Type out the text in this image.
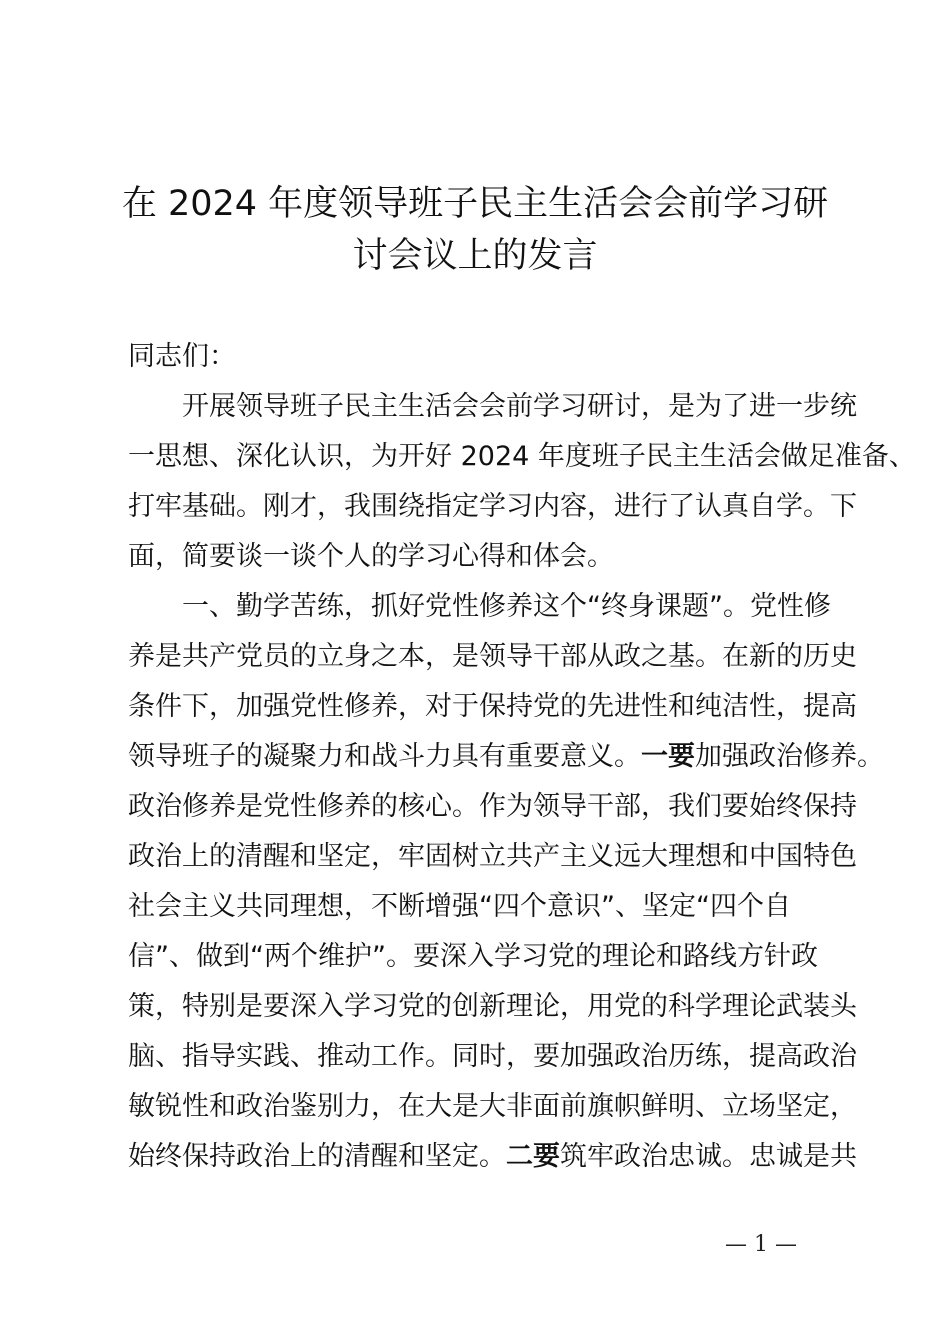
在 2024 年度领导班子民主生活会会前学习研
讨会议上的发言
同志们：
开展领导班子民主生活会会前学习研讨，是为了进一步统
一思想、深化认识，为开好 2024 年度班子民主生活会做足准备、
打牢基础。刚才，我围绕指定学习内容，进行了认真自学。下
面，简要谈一谈个人的学习心得和体会。
一、勤学苦练，抓好党性修养这个“终身课题”。党性修
养是共产党员的立身之本，是领导干部从政之基。在新的历史
条件下，加强党性修养，对于保持党的先进性和纯洁性，提高
领导班子的凝聚力和战斗力具有重要意义。一要加强政治修养。
政治修养是党性修养的核心。作为领导干部，我们要始终保持
政治上的清醒和坚定，牢固树立共产主义远大理想和中国特色
社会主义共同理想，不断增强“四个意识”、坚定“四个自
信”、做到“两个维护”。要深入学习党的理论和路线方针政
策，特别是要深入学习党的创新理论，用党的科学理论武装头
脑、指导实践、推动工作。同时，要加强政治历练，提高政治
敏锐性和政治鉴别力，在大是大非面前旗帜鲜明、立场坚定，
始终保持政治上的清醒和坚定。二要筑牢政治忠诚。忠诚是共
— 1 —
